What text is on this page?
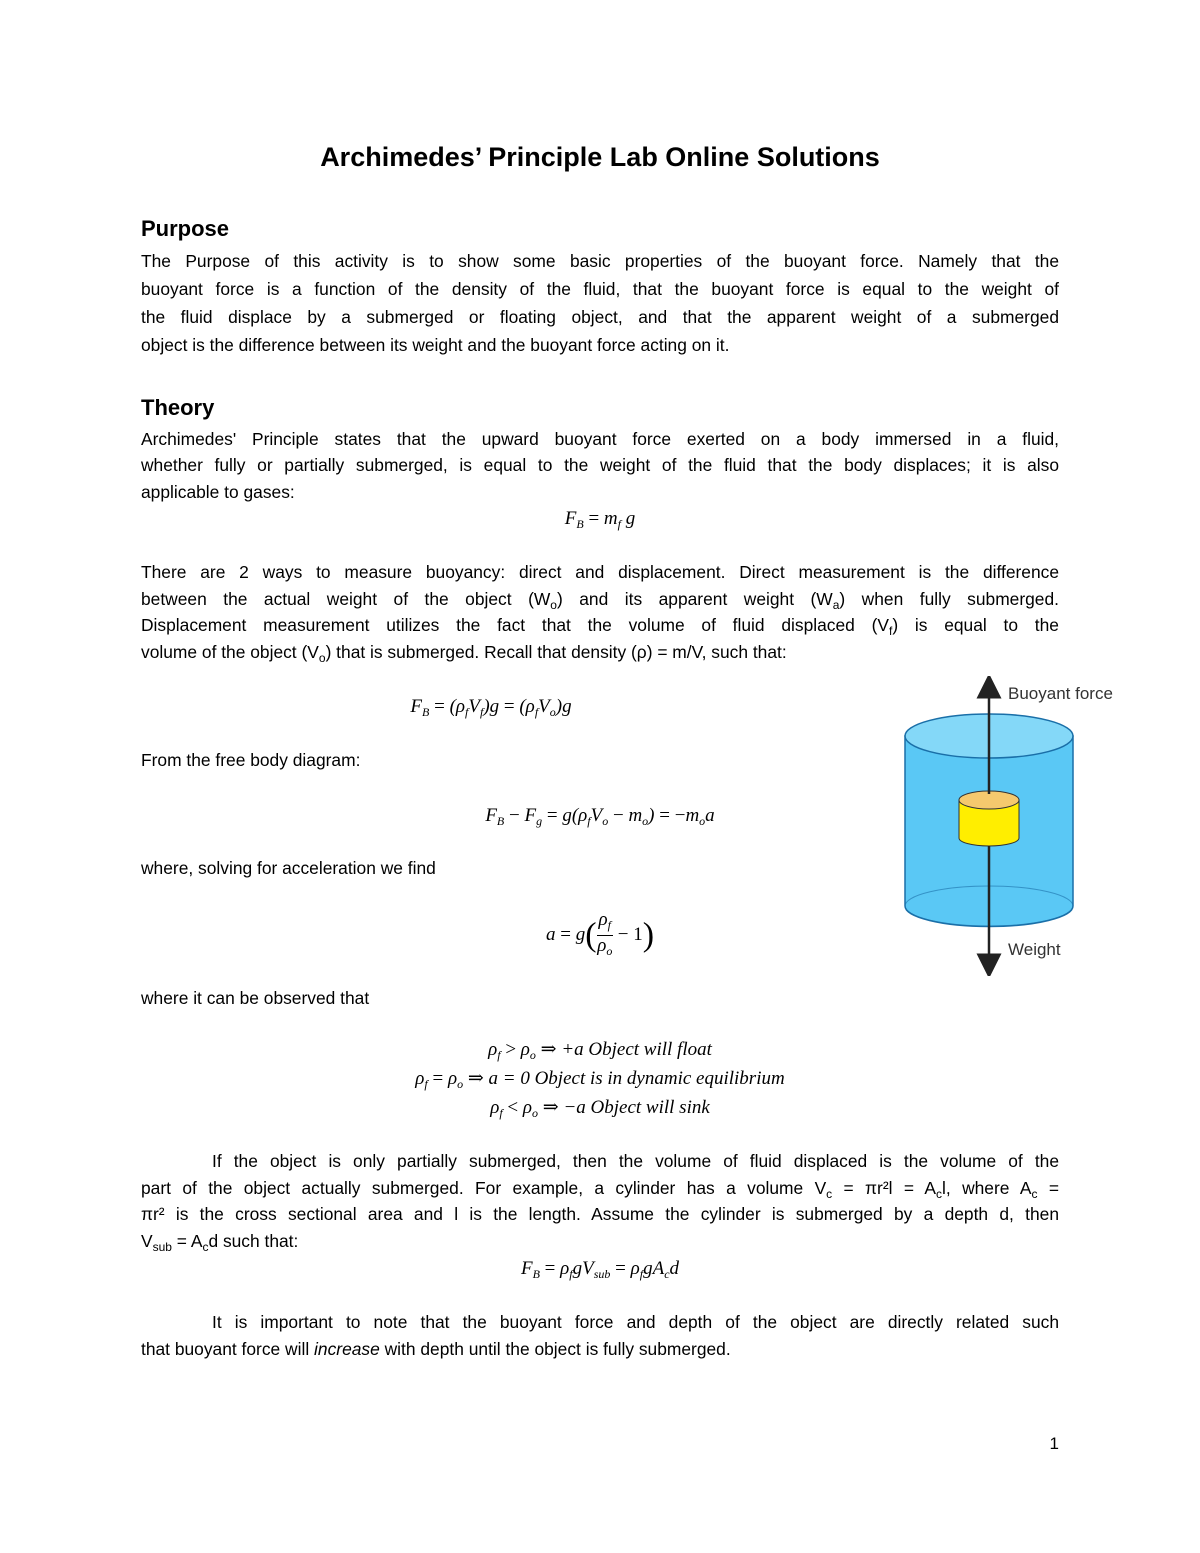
Archimedes’ Principle Lab Online Solutions
Purpose
The Purpose of this activity is to show some basic properties of the buoyant force. Namely that the
buoyant force is a function of the density of the fluid, that the buoyant force is equal to the weight of
the fluid displace by a submerged or floating object, and that the apparent weight of a submerged
object is the difference between its weight and the buoyant force acting on it.
Theory
Archimedes' Principle states that the upward buoyant force exerted on a body immersed in a fluid,
whether fully or partially submerged, is equal to the weight of the fluid that the body displaces; it is also
applicable to gases:
$F_B = m_f$ g
There are 2 ways to measure buoyancy: direct and displacement. Direct measurement is the difference
between the actual weight of the object $(W_o)$ and its apparent weight $(W_a)$ when fully submerged.
Displacement measurement utilizes the fact that the volume of fluid displaced $(V_f)$ is equal to the
volume of the object $(V_o)$ that is submerged. Recall that density (ρ) = m/V, such that:
$F_B = (\rho_fV_f)g = (\rho_fV_o)g$
From the free body diagram:
$F_B - F_g = g(\rho_fV_o - m_o) = -m_oa$
where, solving for acceleration we find
$a = g( \frac{\rho_f}{\rho_o} - 1)$
where it can be observed that
$\rho_f > \rho_o$ ⇒ +a Object will float
$\rho_f = \rho_o$ ⇒ a = 0 Object is in dynamic equilibrium
$\rho_f < \rho_o$ ⇒ −a Object will sink
If the object is only partially submerged, then the volume of fluid displaced is the volume of the
part of the object actually submerged. For example, a cylinder has a volume $V_c = \pi r^2l = A_cl$, where $A_c$ =
πr² is the cross sectional area and l is the length. Assume the cylinder is submerged by a depth d, then
$V_{sub} = A_cd$ such that:
$F_B = \rho_fgV_{sub} = \rho_fgA_cd$
It is important to note that the buoyant force and depth of the object are directly related such
that buoyant force will increase with depth until the object is fully submerged.
Buoyant force
Weight
1
